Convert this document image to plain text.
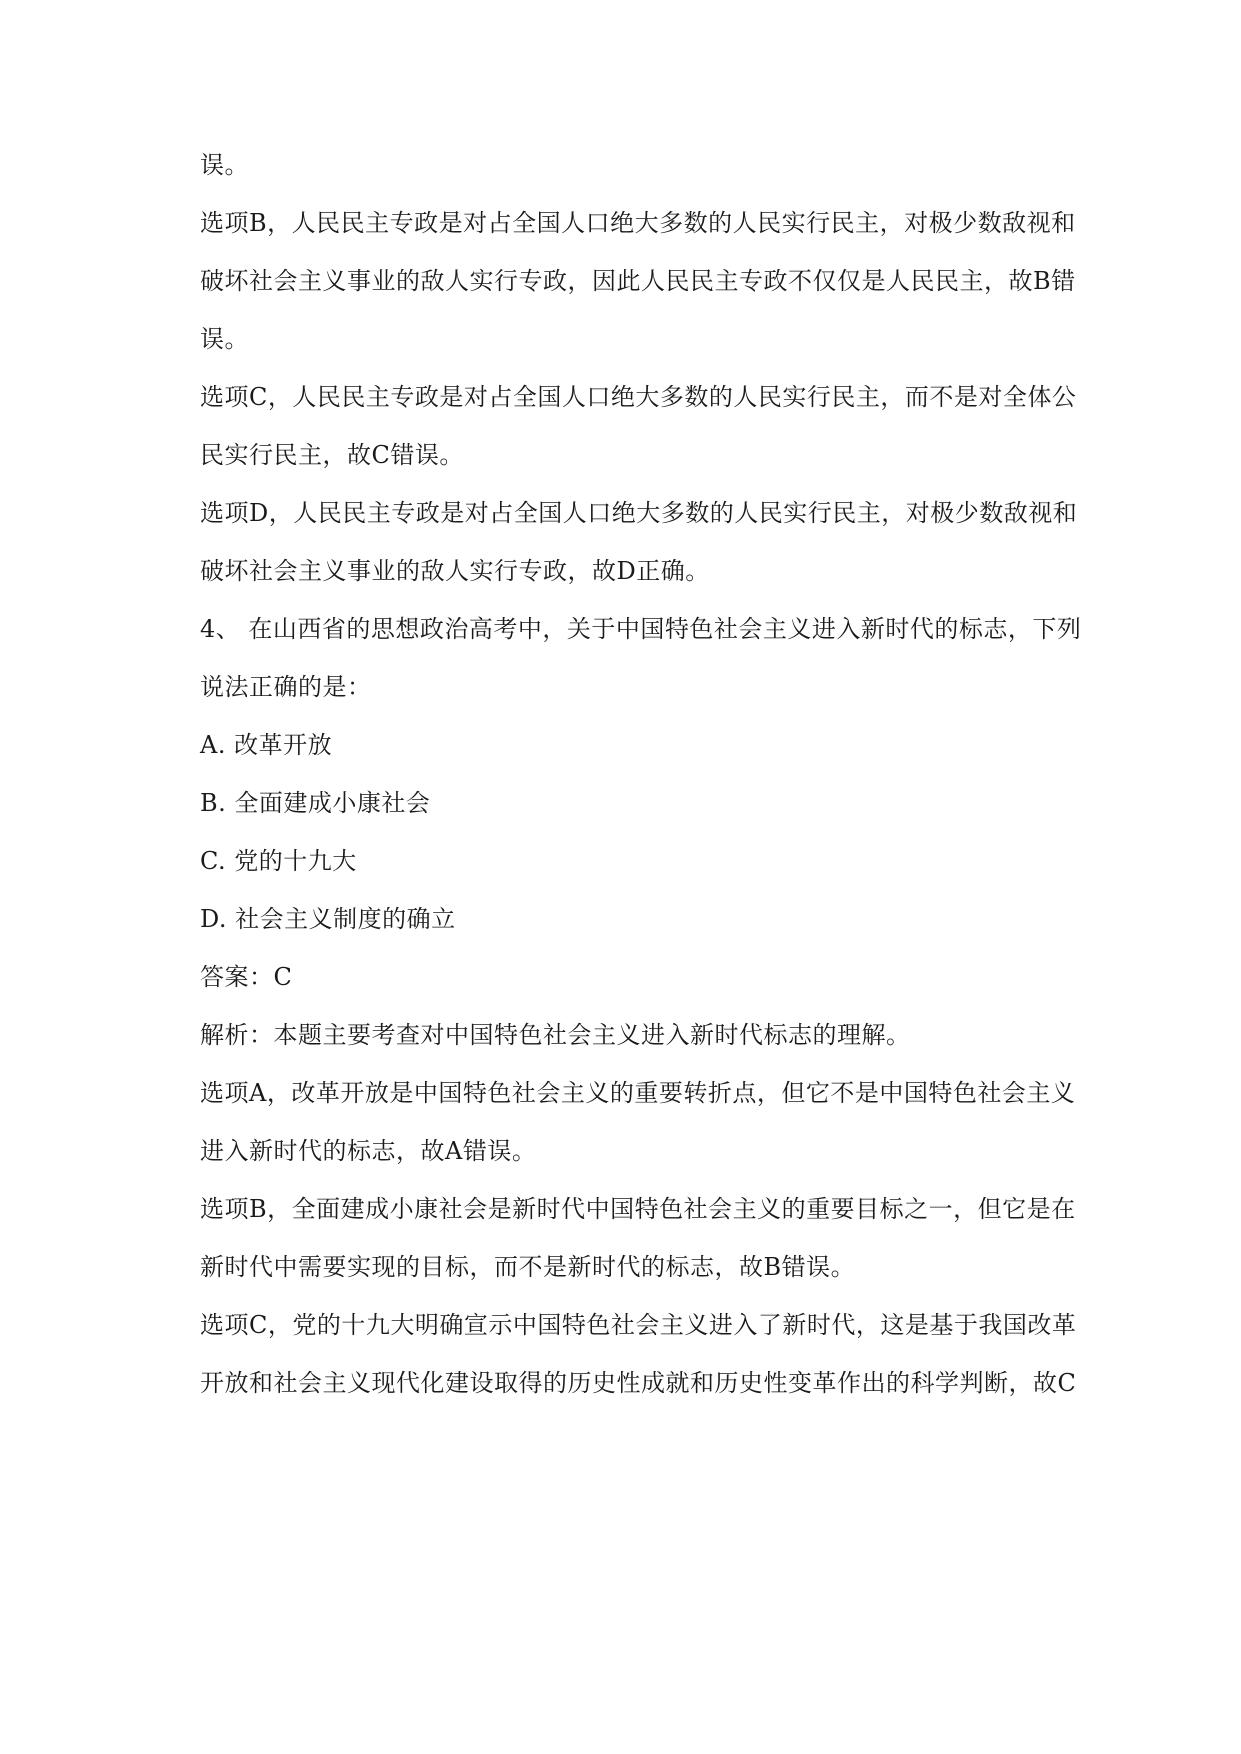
误。
选项B，人民民主专政是对占全国人口绝大多数的人民实行民主，对极少数敌视和
破坏社会主义事业的敌人实行专政，因此人民民主专政不仅仅是人民民主，故B错
误。
选项C，人民民主专政是对占全国人口绝大多数的人民实行民主，而不是对全体公
民实行民主，故C错误。
选项D，人民民主专政是对占全国人口绝大多数的人民实行民主，对极少数敌视和
破坏社会主义事业的敌人实行专政，故D正确。
4、 在山西省的思想政治高考中，关于中国特色社会主义进入新时代的标志，下列
说法正确的是：
A. 改革开放
B. 全面建成小康社会
C. 党的十九大
D. 社会主义制度的确立
答案：C
解析：本题主要考查对中国特色社会主义进入新时代标志的理解。
选项A，改革开放是中国特色社会主义的重要转折点，但它不是中国特色社会主义
进入新时代的标志，故A错误。
选项B，全面建成小康社会是新时代中国特色社会主义的重要目标之一，但它是在
新时代中需要实现的目标，而不是新时代的标志，故B错误。
选项C，党的十九大明确宣示中国特色社会主义进入了新时代，这是基于我国改革
开放和社会主义现代化建设取得的历史性成就和历史性变革作出的科学判断，故C
